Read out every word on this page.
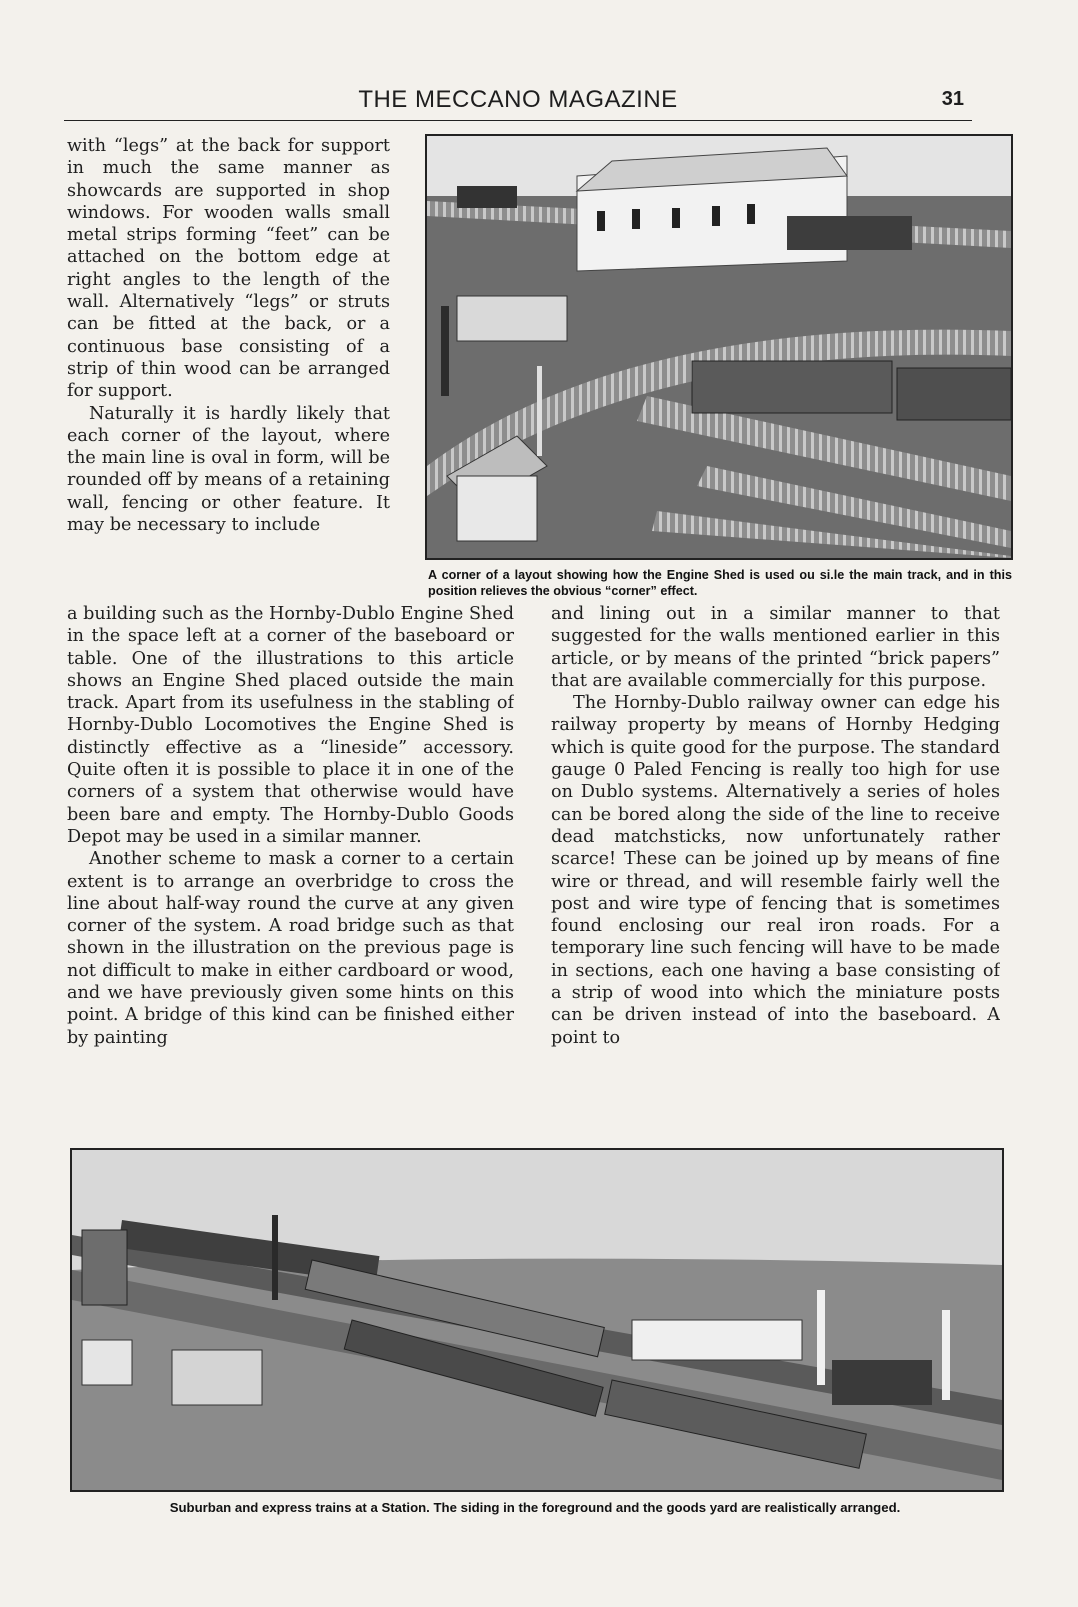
THE MECCANO MAGAZINE	31

with “legs” at the back for support in much the same manner as showcards are supported in shop windows. For wooden walls small metal strips forming “feet” can be attached on the bottom edge at right angles to the length of the wall. Alternatively “legs” or struts can be fitted at the back, or a continuous base consisting of a strip of thin wood can be arranged for support.

Naturally it is hardly likely that each corner of the layout, where the main line is oval in form, will be rounded off by means of a retaining wall, fencing or other feature. It may be necessary to include

A corner of a layout showing how the Engine Shed is used ou si.le the main track, and in this position relieves the obvious “corner” effect.

a building such as the Hornby-Dublo Engine Shed in the space left at a corner of the baseboard or table. One of the illustrations to this article shows an Engine Shed placed outside the main track. Apart from its usefulness in the stabling of Hornby-Dublo Locomotives the Engine Shed is distinctly effective as a “lineside” accessory. Quite often it is possible to place it in one of the corners of a system that otherwise would have been bare and empty. The Hornby-Dublo Goods Depot may be used in a similar manner.

Another scheme to mask a corner to a certain extent is to arrange an overbridge to cross the line about half-way round the curve at any given corner of the system. A road bridge such as that shown in the illustration on the previous page is not difficult to make in either cardboard or wood, and we have previously given some hints on this point. A bridge of this kind can be finished either by painting

and lining out in a similar manner to that suggested for the walls mentioned earlier in this article, or by means of the printed “brick papers” that are available commercially for this purpose.

The Hornby-Dublo railway owner can edge his railway property by means of Hornby Hedging which is quite good for the purpose. The standard gauge 0 Paled Fencing is really too high for use on Dublo systems. Alternatively a series of holes can be bored along the side of the line to receive dead matchsticks, now unfortunately rather scarce! These can be joined up by means of fine wire or thread, and will resemble fairly well the post and wire type of fencing that is sometimes found enclosing our real iron roads. For a temporary line such fencing will have to be made in sections, each one having a base consisting of a strip of wood into which the miniature posts can be driven instead of into the baseboard. A point to

Suburban and express trains at a Station. The siding in the foreground and the goods yard are realistically arranged.
